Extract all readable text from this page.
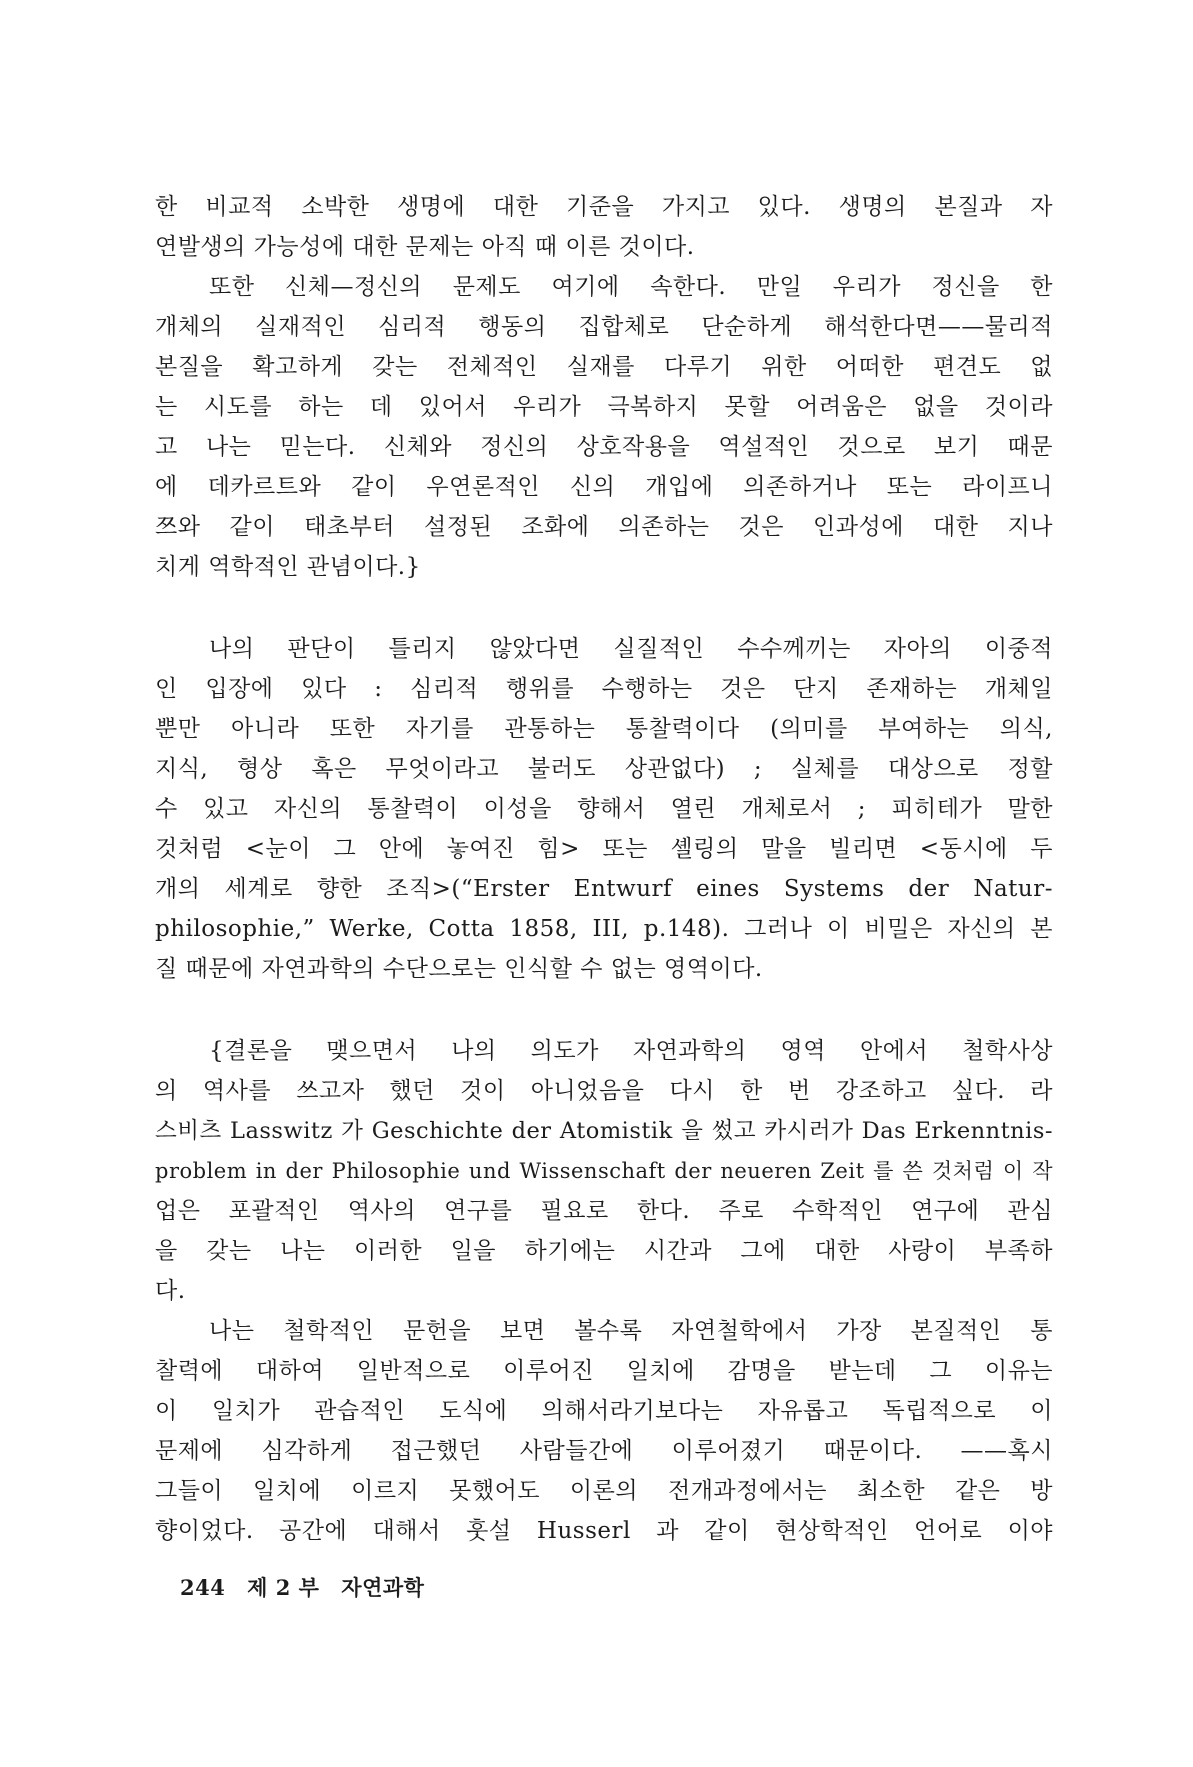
한 비교적 소박한 생명에 대한 기준을 가지고 있다. 생명의 본질과 자
연발생의 가능성에 대한 문제는 아직 때 이른 것이다.
또한 신체—정신의 문제도 여기에 속한다. 만일 우리가 정신을 한
개체의 실재적인 심리적 행동의 집합체로 단순하게 해석한다면——물리적
본질을 확고하게 갖는 전체적인 실재를 다루기 위한 어떠한 편견도 없
는 시도를 하는 데 있어서 우리가 극복하지 못할 어려움은 없을 것이라
고 나는 믿는다. 신체와 정신의 상호작용을 역설적인 것으로 보기 때문
에 데카르트와 같이 우연론적인 신의 개입에 의존하거나 또는 라이프니
쯔와 같이 태초부터 설정된 조화에 의존하는 것은 인과성에 대한 지나
치게 역학적인 관념이다.}
나의 판단이 틀리지 않았다면 실질적인 수수께끼는 자아의 이중적
인 입장에 있다 : 심리적 행위를 수행하는 것은 단지 존재하는 개체일
뿐만 아니라 또한 자기를 관통하는 통찰력이다 (의미를 부여하는 의식,
지식, 형상 혹은 무엇이라고 불러도 상관없다) ; 실체를 대상으로 정할
수 있고 자신의 통찰력이 이성을 향해서 열린 개체로서 ; 피히테가 말한
것처럼 <눈이 그 안에 놓여진 힘> 또는 셸링의 말을 빌리면 <동시에 두
개의 세계로 향한 조직>(“Erster Entwurf eines Systems der Natur-
philosophie,” Werke, Cotta 1858, III, p.148). 그러나 이 비밀은 자신의 본
질 때문에 자연과학의 수단으로는 인식할 수 없는 영역이다.
{결론을 맺으면서 나의 의도가 자연과학의 영역 안에서 철학사상
의 역사를 쓰고자 했던 것이 아니었음을 다시 한 번 강조하고 싶다. 라
스비츠 Lasswitz 가 Geschichte der Atomistik 을 썼고 카시러가 Das Erkenntnis-
problem in der Philosophie und Wissenschaft der neueren Zeit 를 쓴 것처럼 이 작
업은 포괄적인 역사의 연구를 필요로 한다. 주로 수학적인 연구에 관심
을 갖는 나는 이러한 일을 하기에는 시간과 그에 대한 사랑이 부족하
다.
나는 철학적인 문헌을 보면 볼수록 자연철학에서 가장 본질적인 통
찰력에 대하여 일반적으로 이루어진 일치에 감명을 받는데 그 이유는
이 일치가 관습적인 도식에 의해서라기보다는 자유롭고 독립적으로 이
문제에 심각하게 접근했던 사람들간에 이루어졌기 때문이다. ——혹시
그들이 일치에 이르지 못했어도 이론의 전개과정에서는 최소한 같은 방
향이었다. 공간에 대해서 훗설 Husserl 과 같이 현상학적인 언어로 이야
244 제 2 부 자연과학
